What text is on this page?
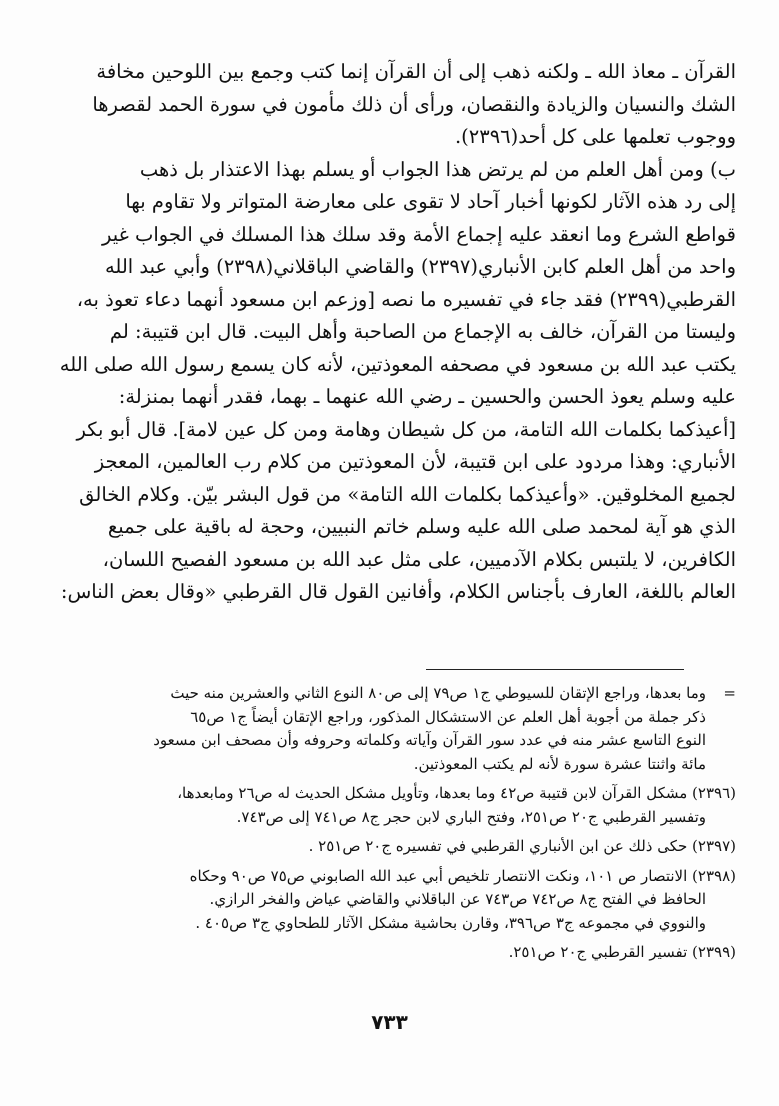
القرآن ـ معاذ الله ـ ولكنه ذهب إلى أن القرآن إنما كتب وجمع بين اللوحين مخافة
الشك والنسيان والزيادة والنقصان، ورأى أن ذلك مأمون في سورة الحمد لقصرها
ووجوب تعلمها على كل أحد(٢٣٩٦).
ب) ومن أهل العلم من لم يرتض هذا الجواب أو يسلم بهذا الاعتذار بل ذهب
إلى رد هذه الآثار لكونها أخبار آحاد لا تقوى على معارضة المتواتر ولا تقاوم بها
قواطع الشرع وما انعقد عليه إجماع الأمة وقد سلك هذا المسلك في الجواب غير
واحد من أهل العلم كابن الأنباري(٢٣٩٧) والقاضي الباقلاني(٢٣٩٨) وأبي عبد الله
القرطبي(٢٣٩٩) فقد جاء في تفسيره ما نصه [وزعم ابن مسعود أنهما دعاء تعوذ به،
وليستا من القرآن، خالف به الإجماع من الصاحبة وأهل البيت. قال ابن قتيبة: لم
يكتب عبد الله بن مسعود في مصحفه المعوذتين، لأنه كان يسمع رسول الله صلى الله
عليه وسلم يعوذ الحسن والحسين ـ رضي الله عنهما ـ بهما، فقدر أنهما بمنزلة:
[أعيذكما بكلمات الله التامة، من كل شيطان وهامة ومن كل عين لامة]. قال أبو بكر
الأنباري: وهذا مردود على ابن قتيبة، لأن المعوذتين من كلام رب العالمين، المعجز
لجميع المخلوقين. «وأعيذكما بكلمات الله التامة» من قول البشر بيّن. وكلام الخالق
الذي هو آية لمحمد صلى الله عليه وسلم خاتم النبيين، وحجة له باقية على جميع
الكافرين، لا يلتبس بكلام الآدميين، على مثل عبد الله بن مسعود الفصيح اللسان،
العالم باللغة، العارف بأجناس الكلام، وأفانين القول قال القرطبي «وقال بعض الناس:
=وما بعدها، وراجع الإتقان للسيوطي ج١ ص٧٩ إلى ص٨٠ النوع الثاني والعشرين منه حيث
ذكر جملة من أجوبة أهل العلم عن الاستشكال المذكور، وراجع الإتقان أيضاً ج١ ص٦٥
النوع التاسع عشر منه في عدد سور القرآن وآياته وكلماته وحروفه وأن مصحف ابن مسعود
مائة واثنتا عشرة سورة لأنه لم يكتب المعوذتين.
(٢٣٩٦) مشكل القرآن لابن قتيبة ص٤٢ وما بعدها، وتأويل مشكل الحديث له ص٢٦ ومابعدها،
وتفسير القرطبي ج٢٠ ص٢٥١، وفتح الباري لابن حجر ج٨ ص٧٤١ إلى ص٧٤٣.
(٢٣٩٧) حكى ذلك عن ابن الأنباري القرطبي في تفسيره ج٢٠ ص٢٥١ .
(٢٣٩٨) الانتصار ص ١٠١، ونكت الانتصار تلخيص أبي عبد الله الصابوني ص٧٥ ص٩٠ وحكاه
الحافظ في الفتح ج٨ ص٧٤٢ ص٧٤٣ عن الباقلاني والقاضي عياض والفخر الرازي.
والنووي في مجموعه ج٣ ص٣٩٦، وقارن بحاشية مشكل الآثار للطحاوي ج٣ ص٤٠٥ .
(٢٣٩٩) تفسير القرطبي ج٢٠ ص٢٥١.
٧٣٣
